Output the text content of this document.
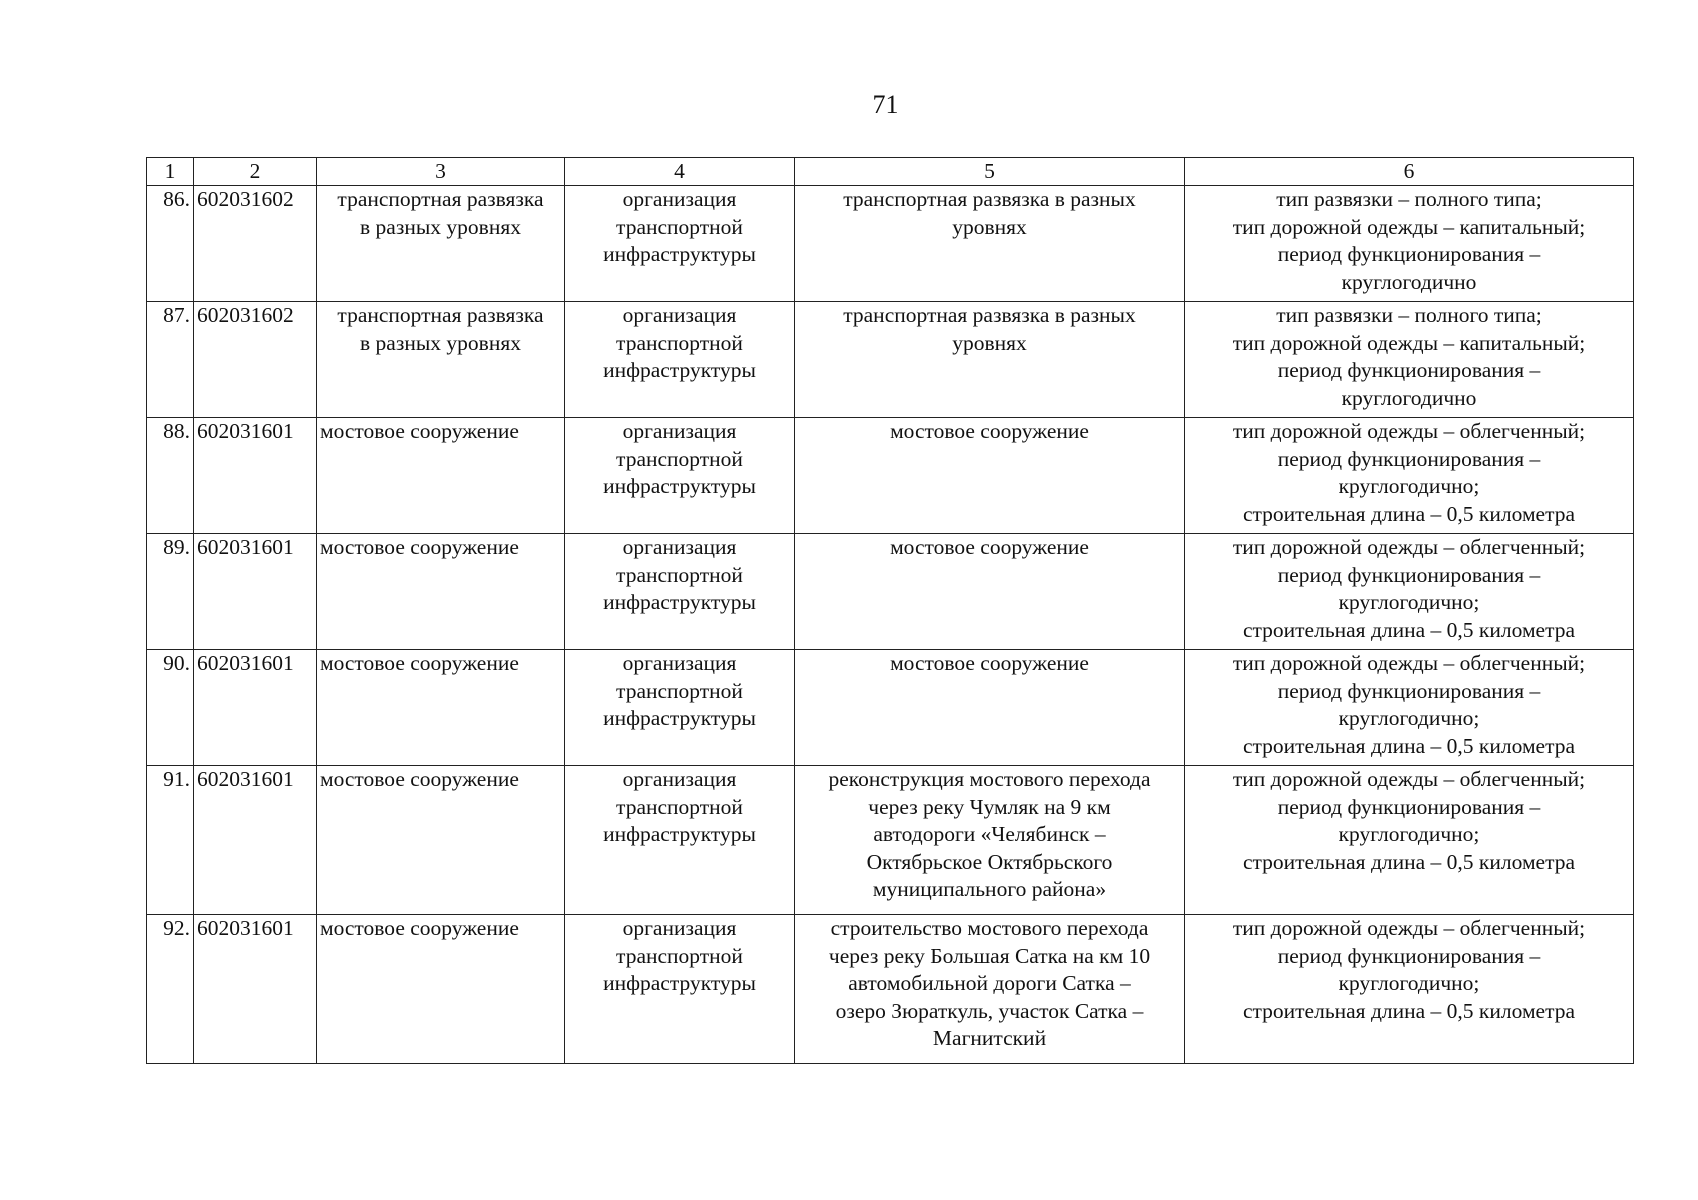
71
1	2	3	4	5	6
86.	602031602	транспортная развязка
в разных уровнях	организация
транспортной
инфраструктуры	транспортная развязка в разных
уровнях	тип развязки – полного типа;
тип дорожной одежды – капитальный;
период функционирования –
круглогодично

87.	602031602	транспортная развязка
в разных уровнях	организация
транспортной
инфраструктуры	транспортная развязка в разных
уровнях	тип развязки – полного типа;
тип дорожной одежды – капитальный;
период функционирования –
круглогодично

88.	602031601	мостовое сооружение	организация
транспортной
инфраструктуры	мостовое сооружение	тип дорожной одежды – облегченный;
период функционирования –
круглогодично;
строительная длина – 0,5 километра

89.	602031601	мостовое сооружение	организация
транспортной
инфраструктуры	мостовое сооружение	тип дорожной одежды – облегченный;
период функционирования –
круглогодично;
строительная длина – 0,5 километра

90.	602031601	мостовое сооружение	организация
транспортной
инфраструктуры	мостовое сооружение	тип дорожной одежды – облегченный;
период функционирования –
круглогодично;
строительная длина – 0,5 километра

91.	602031601	мостовое сооружение	организация
транспортной
инфраструктуры	реконструкция мостового перехода
через реку Чумляк на 9 км
автодороги «Челябинск –
Октябрьское Октябрьского
муниципального района»	тип дорожной одежды – облегченный;
период функционирования –
круглогодично;
строительная длина – 0,5 километра

92.	602031601	мостовое сооружение	организация
транспортной
инфраструктуры	строительство мостового перехода
через реку Большая Сатка на км 10
автомобильной дороги Сатка –
озеро Зюраткуль, участок Сатка –
Магнитский	тип дорожной одежды – облегченный;
период функционирования –
круглогодично;
строительная длина – 0,5 километра
